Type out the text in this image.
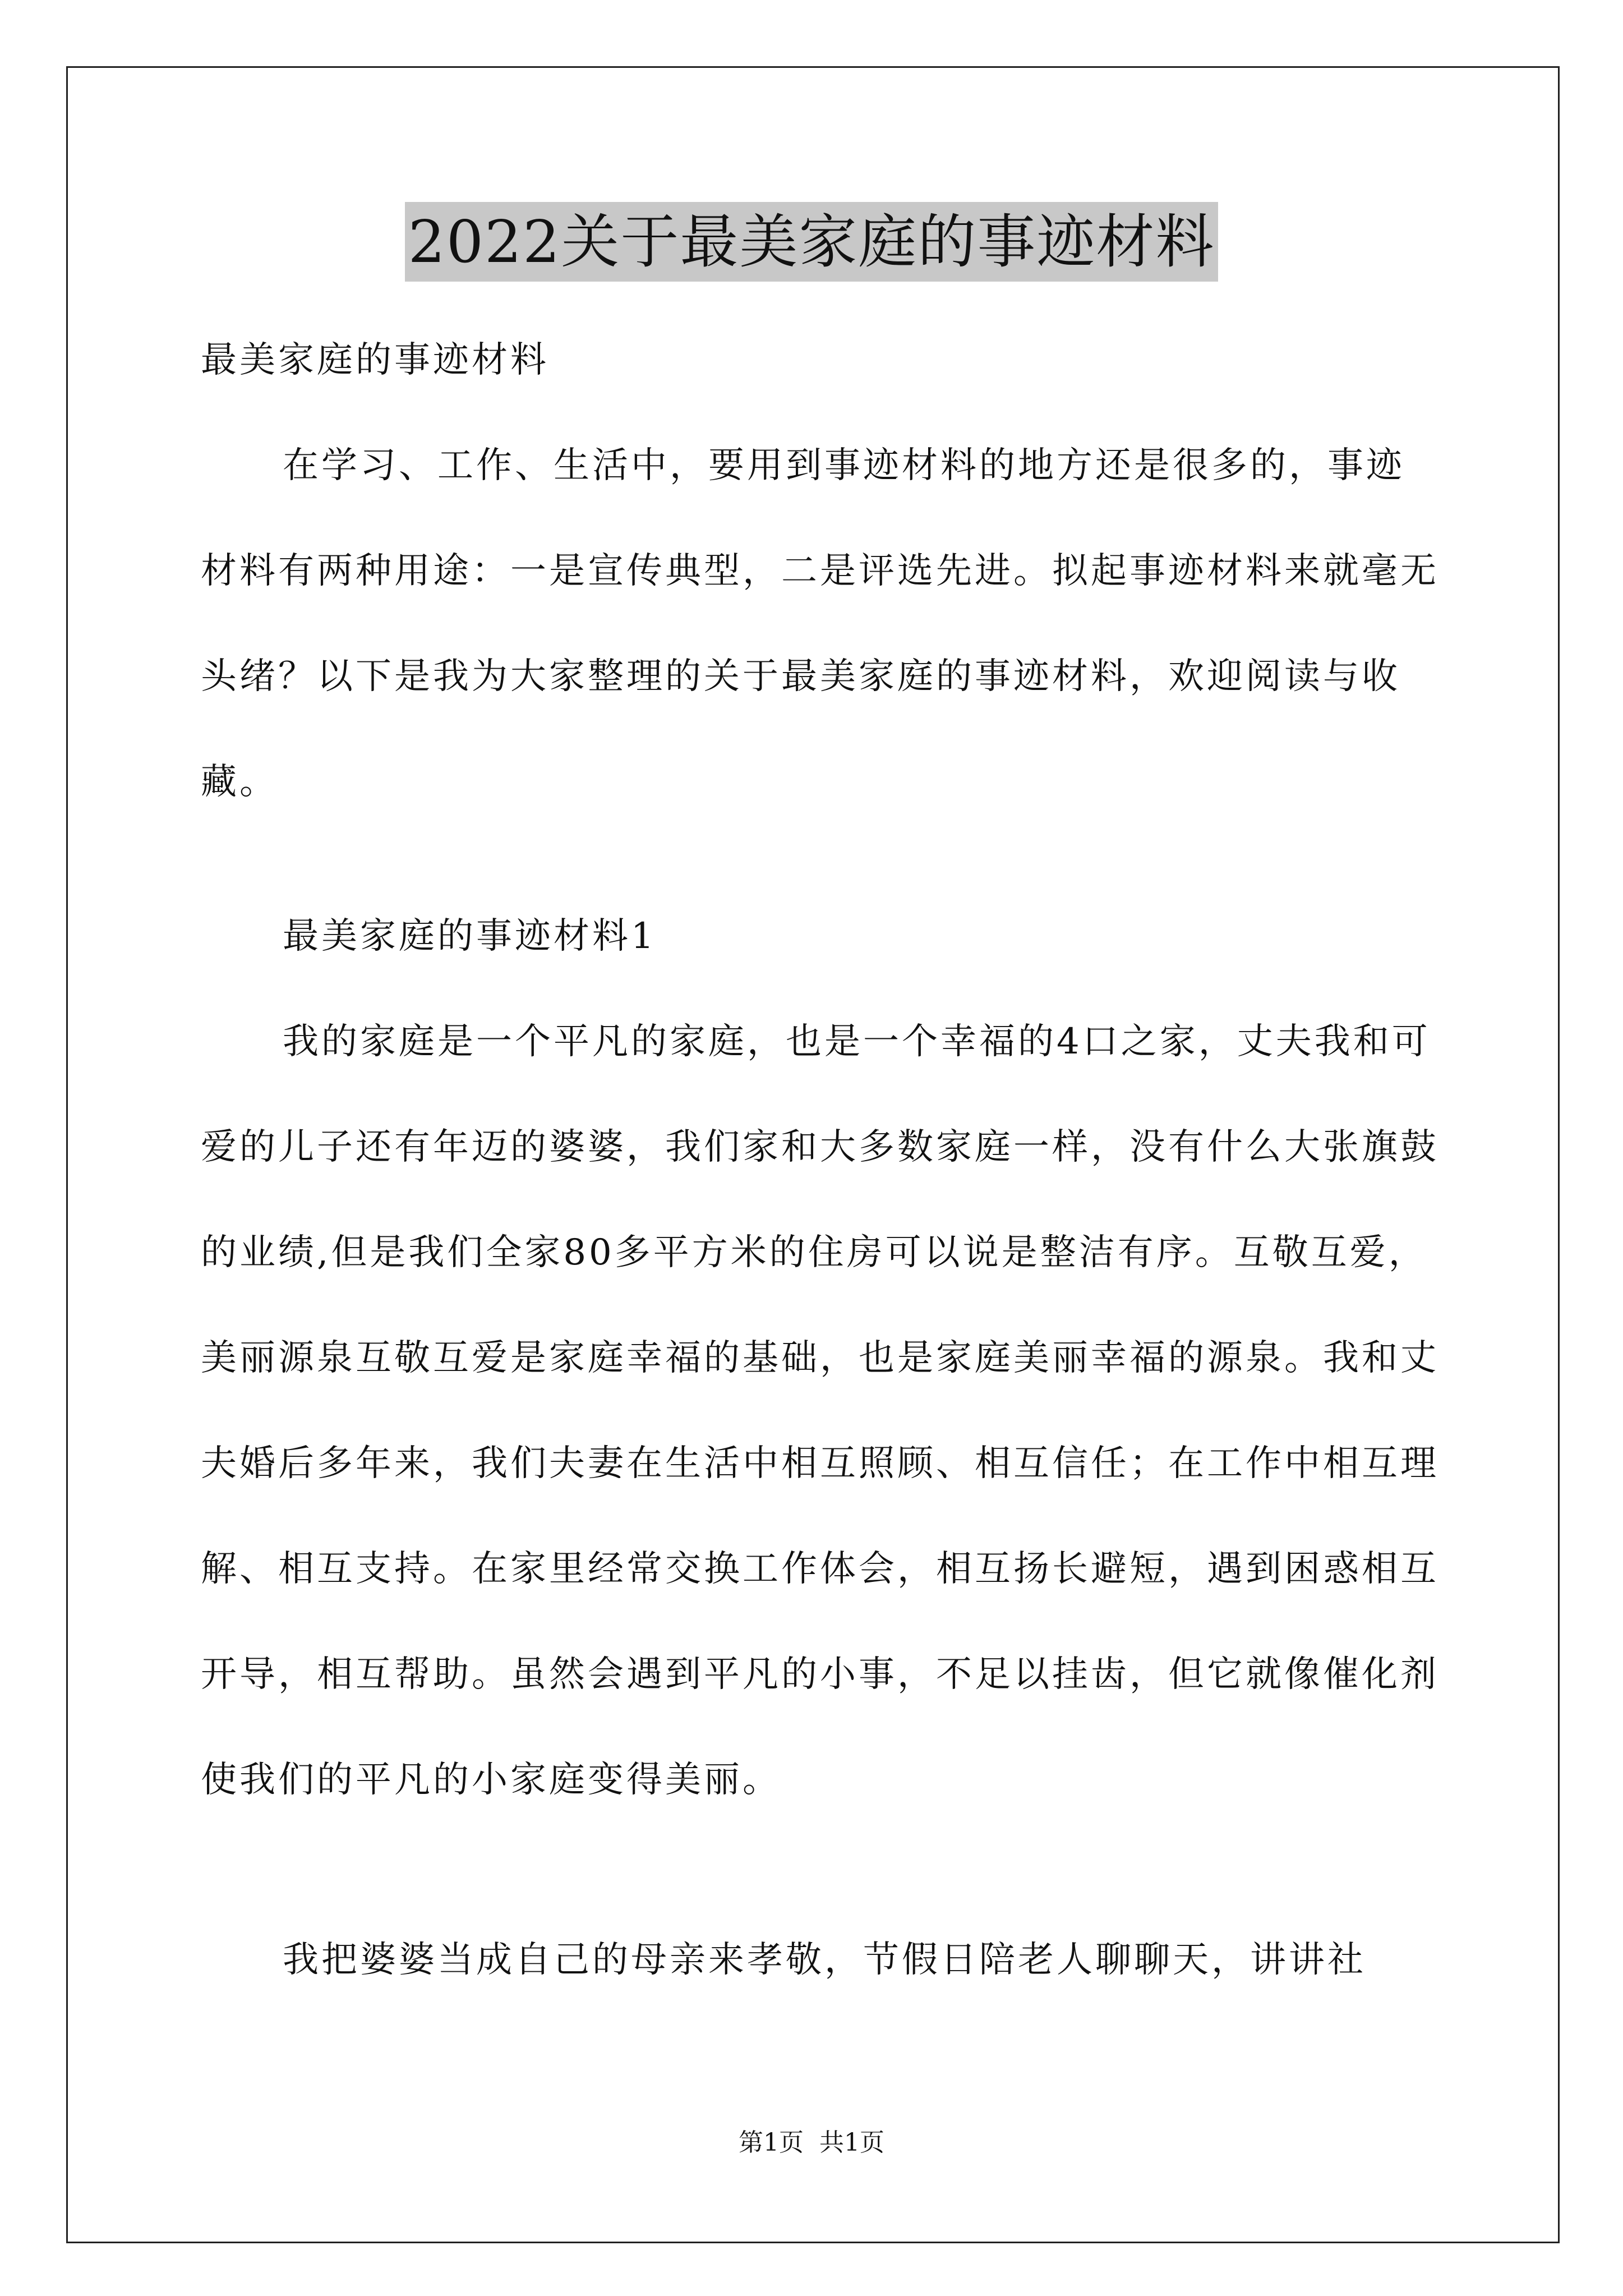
2022关于最美家庭的事迹材料

最美家庭的事迹材料

在学习、工作、生活中，要用到事迹材料的地方还是很多的，事迹材料有两种用途：一是宣传典型，二是评选先进。拟起事迹材料来就毫无头绪？以下是我为大家整理的关于最美家庭的事迹材料，欢迎阅读与收藏。

最美家庭的事迹材料1

我的家庭是一个平凡的家庭，也是一个幸福的4口之家，丈夫我和可爱的儿子还有年迈的婆婆，我们家和大多数家庭一样，没有什么大张旗鼓的业绩,但是我们全家80多平方米的住房可以说是整洁有序。互敬互爱，美丽源泉互敬互爱是家庭幸福的基础，也是家庭美丽幸福的源泉。我和丈夫婚后多年来，我们夫妻在生活中相互照顾、相互信任；在工作中相互理解、相互支持。在家里经常交换工作体会，相互扬长避短，遇到困惑相互开导，相互帮助。虽然会遇到平凡的小事，不足以挂齿，但它就像催化剂使我们的平凡的小家庭变得美丽。

我把婆婆当成自己的母亲来孝敬，节假日陪老人聊聊天，讲讲社

第1页 共1页
